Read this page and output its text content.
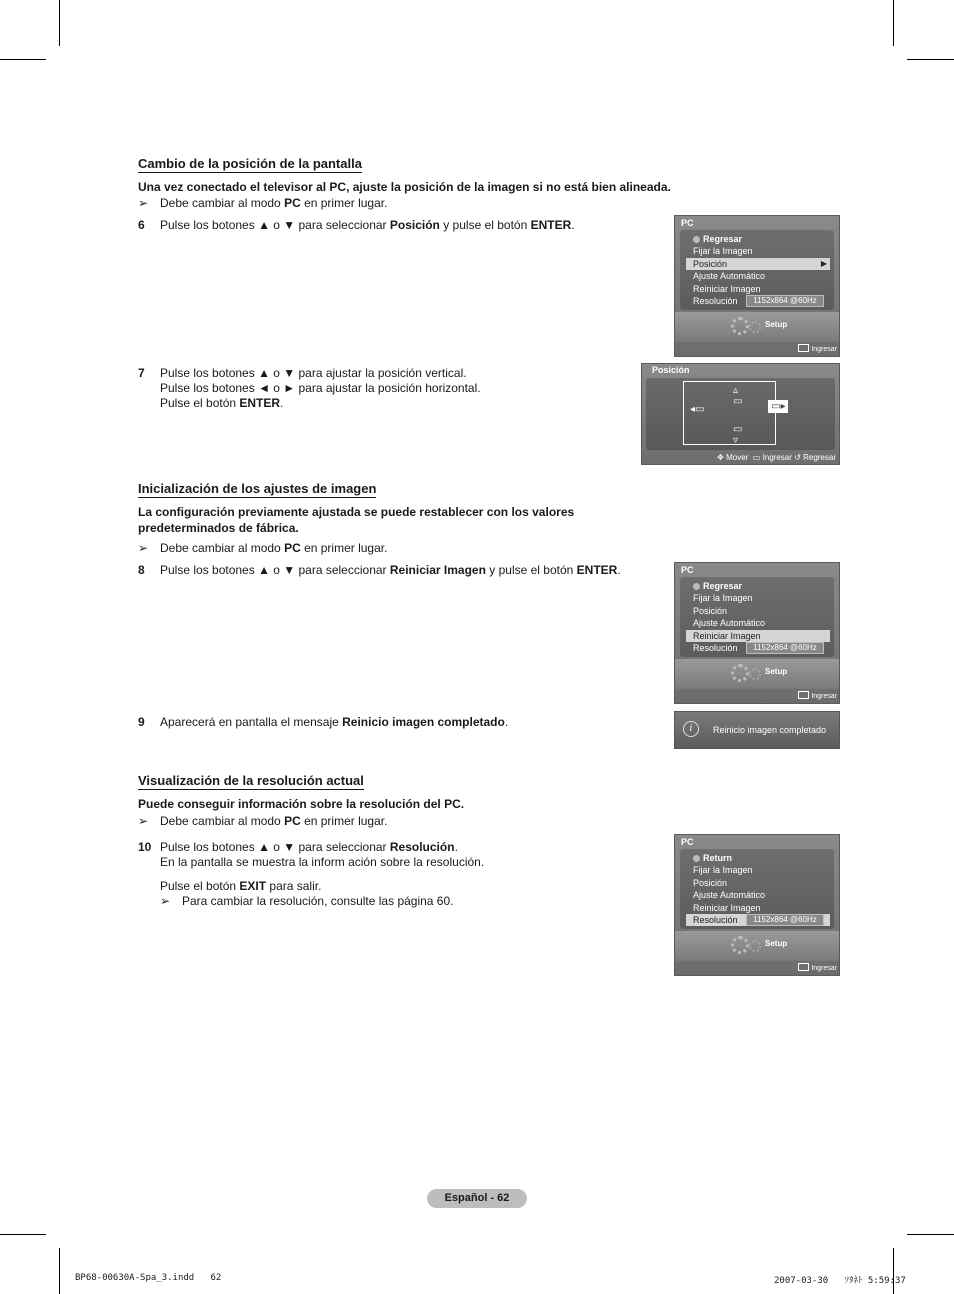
Cambio de la posición de la pantalla
Una vez conectado el televisor al PC, ajuste la posición de la imagen si no está bien alineada.
➢ Debe cambiar al modo PC en primer lugar.
6 Pulse los botones ▲ o ▼ para seleccionar Posición y pulse el botón ENTER.	PC
Regresar
Fijar la Imagen
Posición	▶
Ajuste Automático
Reiniciar Imagen
Resolución	1152x864 @60Hz
Setup
Ingresar
7 Pulse los botones ▲ o ▼ para ajustar la posición vertical.
Pulse los botones ◄ o ► para ajustar la posición horizontal.
Pulse el botón ENTER.
Posición
▵
▭
◂▭	▭▸
▭
▿
✥ Mover ▭ Ingresar ↺ Regresar
Inicialización de los ajustes de imagen
La configuración previamente ajustada se puede restablecer con los valores
predeterminados de fábrica.
➢ Debe cambiar al modo PC en primer lugar.
8 Pulse los botones ▲ o ▼ para seleccionar Reiniciar Imagen y pulse el botón ENTER.	PC
Regresar
Fijar la Imagen
Posición
Ajuste Automático
Reiniciar Imagen
Resolución	1152x864 @60Hz
Setup
Ingresar
9 Aparecerá en pantalla el mensaje Reinicio imagen completado.	i	Reinicio imagen completado
Visualización de la resolución actual
Puede conseguir información sobre la resolución del PC.
➢ Debe cambiar al modo PC en primer lugar.
10 Pulse los botones ▲ o ▼ para seleccionar Resolución.
En la pantalla se muestra la inform ación sobre la resolución.
Pulse el botón EXIT para salir.
➢ Para cambiar la resolución, consulte las página 60.
PC
Return
Fijar la Imagen
Posición
Ajuste Automático
Reiniciar Imagen
Resolución	1152x864 @60Hz
Setup
Ingresar
Español - 62
BP68-00630A-Spa_3.indd   62	2007-03-30   ｿﾀﾈﾄ 5:59:37
